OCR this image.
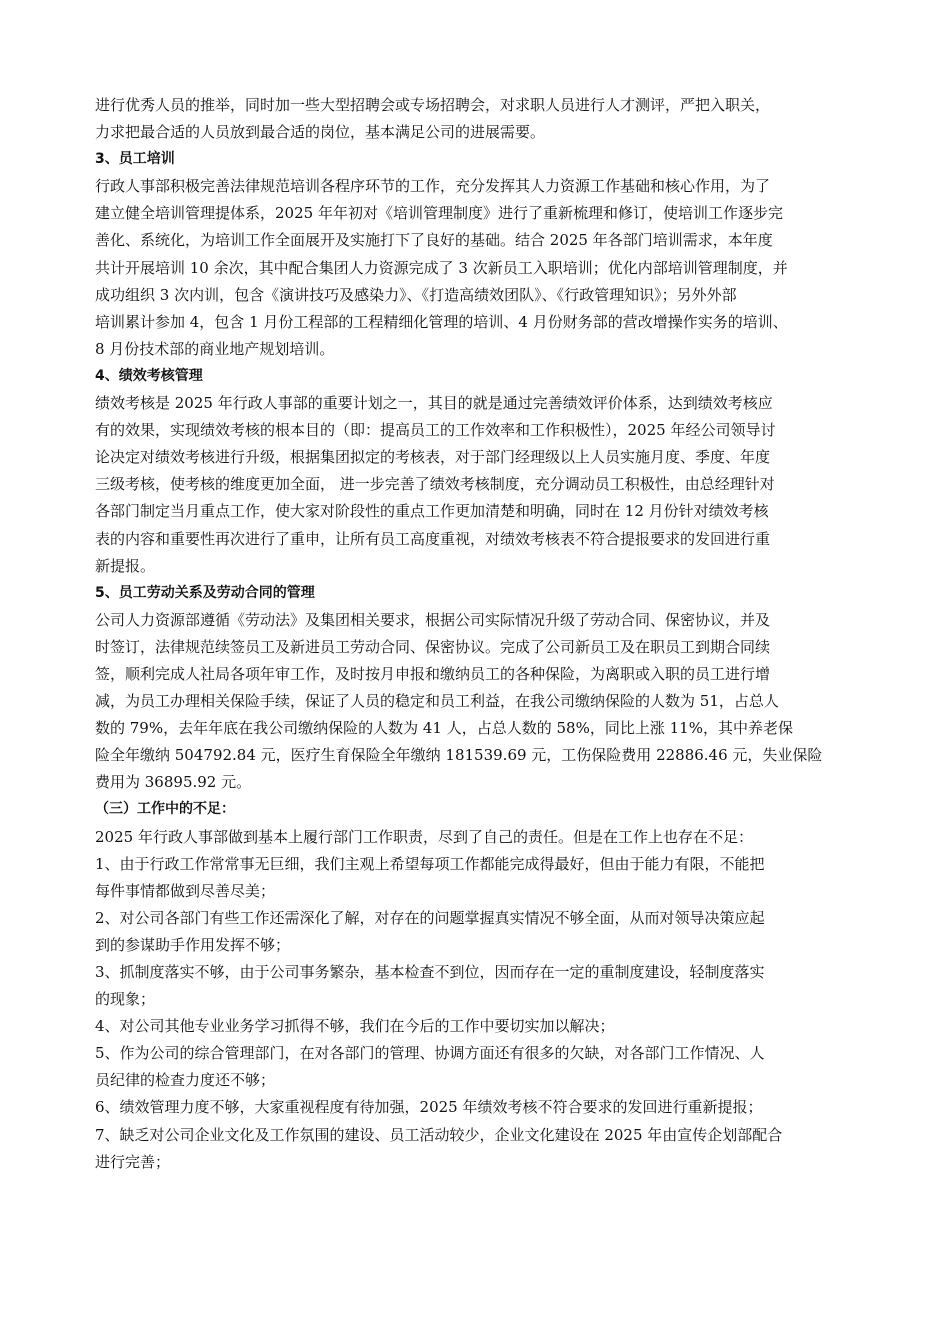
进行优秀人员的推举，同时加一些大型招聘会或专场招聘会，对求职人员进行人才测评，严把入职关，
力求把最合适的人员放到最合适的岗位，基本满足公司的进展需要。
3、员工培训
行政人事部积极完善法律规范培训各程序环节的工作，充分发挥其人力资源工作基础和核心作用，为了
建立健全培训管理提体系，2025 年年初对《培训管理制度》进行了重新梳理和修订，使培训工作逐步完
善化、系统化，为培训工作全面展开及实施打下了良好的基础。结合 2025 年各部门培训需求，本年度
共计开展培训 10 余次，其中配合集团人力资源完成了 3 次新员工入职培训；优化内部培训管理制度，并
成功组织 3 次内训，包含《演讲技巧及感染力》、《打造高绩效团队》、《行政管理知识》；另外外部
培训累计参加 4，包含 1 月份工程部的工程精细化管理的培训、4 月份财务部的营改增操作实务的培训、
8 月份技术部的商业地产规划培训。
4、绩效考核管理
绩效考核是 2025 年行政人事部的重要计划之一，其目的就是通过完善绩效评价体系，达到绩效考核应
有的效果，实现绩效考核的根本目的（即：提高员工的工作效率和工作积极性），2025 年经公司领导讨
论决定对绩效考核进行升级，根据集团拟定的考核表，对于部门经理级以上人员实施月度、季度、年度
三级考核，使考核的维度更加全面， 进一步完善了绩效考核制度，充分调动员工积极性，由总经理针对
各部门制定当月重点工作，使大家对阶段性的重点工作更加清楚和明确，同时在 12 月份针对绩效考核
表的内容和重要性再次进行了重申，让所有员工高度重视，对绩效考核表不符合提报要求的发回进行重
新提报。
5、员工劳动关系及劳动合同的管理
公司人力资源部遵循《劳动法》及集团相关要求，根据公司实际情况升级了劳动合同、保密协议，并及
时签订，法律规范续签员工及新进员工劳动合同、保密协议。完成了公司新员工及在职员工到期合同续
签，顺利完成人社局各项年审工作，及时按月申报和缴纳员工的各种保险，为离职或入职的员工进行增
减，为员工办理相关保险手续，保证了人员的稳定和员工利益，在我公司缴纳保险的人数为 51，占总人
数的 79%，去年年底在我公司缴纳保险的人数为 41 人，占总人数的 58%，同比上涨 11%，其中养老保
险全年缴纳 504792.84 元，医疗生育保险全年缴纳 181539.69 元，工伤保险费用 22886.46 元，失业保险
费用为 36895.92 元。
（三）工作中的不足：
2025 年行政人事部做到基本上履行部门工作职责，尽到了自己的责任。但是在工作上也存在不足：
1、由于行政工作常常事无巨细，我们主观上希望每项工作都能完成得最好，但由于能力有限，不能把
每件事情都做到尽善尽美；
2、对公司各部门有些工作还需深化了解，对存在的问题掌握真实情况不够全面，从而对领导决策应起
到的参谋助手作用发挥不够；
3、抓制度落实不够，由于公司事务繁杂，基本检查不到位，因而存在一定的重制度建设，轻制度落实
的现象；
4、对公司其他专业业务学习抓得不够，我们在今后的工作中要切实加以解决；
5、作为公司的综合管理部门，在对各部门的管理、协调方面还有很多的欠缺，对各部门工作情况、人
员纪律的检查力度还不够；
6、绩效管理力度不够，大家重视程度有待加强，2025 年绩效考核不符合要求的发回进行重新提报；
7、缺乏对公司企业文化及工作氛围的建设、员工活动较少，企业文化建设在 2025 年由宣传企划部配合
进行完善；
